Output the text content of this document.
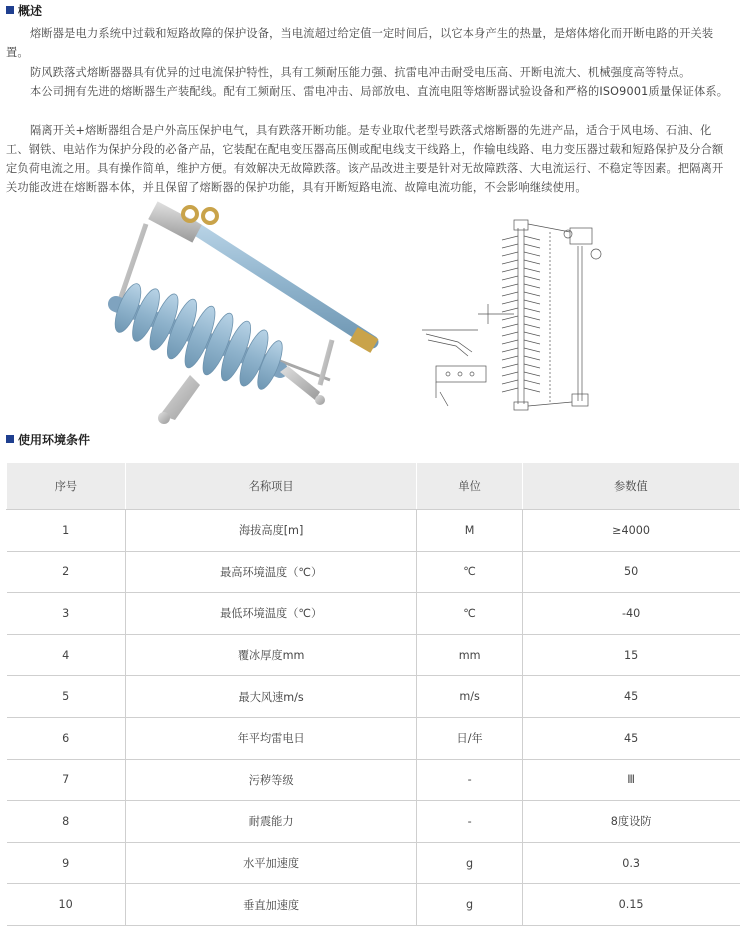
概述

熔断器是电力系统中过载和短路故障的保护设备，当电流超过给定值一定时间后，以它本身产生的热量，是熔体熔化而开断电路的开关装置。

防风跌落式熔断器器具有优异的过电流保护特性，具有工频耐压能力强、抗雷电冲击耐受电压高、开断电流大、机械强度高等特点。

本公司拥有先进的熔断器生产装配线。配有工频耐压、雷电冲击、局部放电、直流电阻等熔断器试验设备和严格的ISO9001质量保证体系。

隔离开关+熔断器组合是户外高压保护电气，具有跌落开断功能。是专业取代老型号跌落式熔断器的先进产品，适合于风电场、石油、化工、钢铁、电站作为保护分段的必备产品，它装配在配电变压器高压侧或配电线支干线路上，作输电线路、电力变压器过载和短路保护及分合额定负荷电流之用。具有操作简单，维护方便。有效解决无故障跌落。该产品改进主要是针对无故障跌落、大电流运行、不稳定等因素。把隔离开关功能改进在熔断器本体，并且保留了熔断器的保护功能，具有开断短路电流、故障电流功能，不会影响继续使用。

使用环境条件
序号	名称项目	单位	参数值
1	海拔高度[m]	M	≥4000
2	最高环境温度（℃）	℃	50
3	最低环境温度（℃）	℃	-40
4	覆冰厚度mm	mm	15
5	最大风速m/s	m/s	45
6	年平均雷电日	日/年	45
7	污秽等级	-	Ⅲ
8	耐震能力	-	8度设防
9	水平加速度	g	0.3
10	垂直加速度	g	0.15
